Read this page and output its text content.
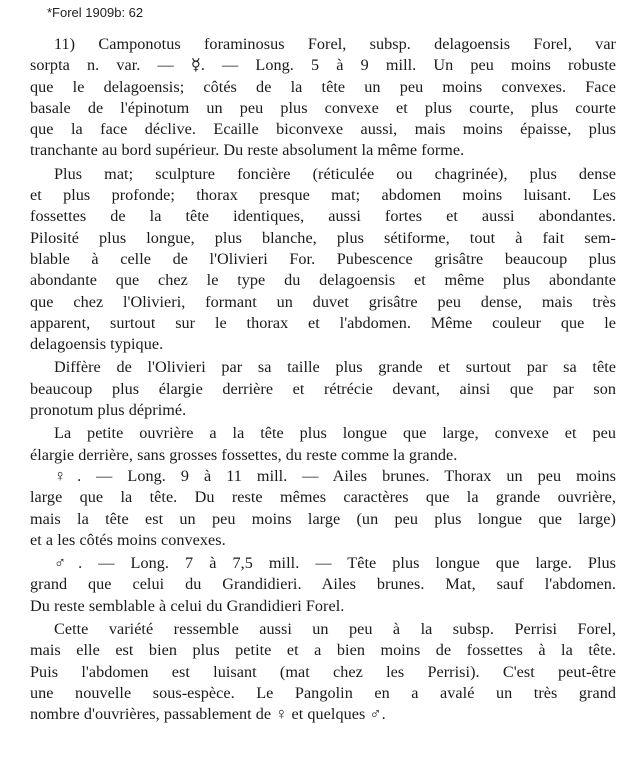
*Forel 1909b: 62
11) Camponotus foraminosus Forel, subsp. delagoensis Forel, var
sorpta n. var. — ☿. — Long. 5 à 9 mill. Un peu moins robuste
que le delagoensis; côtés de la tête un peu moins convexes. Face
basale de l'épinotum un peu plus convexe et plus courte, plus courte
que la face déclive. Ecaille biconvexe aussi, mais moins épaisse, plus
tranchante au bord supérieur. Du reste absolument la même forme.
Plus mat; sculpture foncière (réticulée ou chagrinée), plus dense
et plus profonde; thorax presque mat; abdomen moins luisant. Les
fossettes de la tête identiques, aussi fortes et aussi abondantes.
Pilosité plus longue, plus blanche, plus sétiforme, tout à fait sem-
blable à celle de l'Olivieri For. Pubescence grisâtre beaucoup plus
abondante que chez le type du delagoensis et même plus abondante
que chez l'Olivieri, formant un duvet grisâtre peu dense, mais très
apparent, surtout sur le thorax et l'abdomen. Même couleur que le
delagoensis typique.
Diffère de l'Olivieri par sa taille plus grande et surtout par sa tête
beaucoup plus élargie derrière et rétrécie devant, ainsi que par son
pronotum plus déprimé.
La petite ouvrière a la tête plus longue que large, convexe et peu
élargie derrière, sans grosses fossettes, du reste comme la grande.
♀. — Long. 9 à 11 mill. — Ailes brunes. Thorax un peu moins
large que la tête. Du reste mêmes caractères que la grande ouvrière,
mais la tête est un peu moins large (un peu plus longue que large)
et a les côtés moins convexes.
♂. — Long. 7 à 7,5 mill. — Tête plus longue que large. Plus
grand que celui du Grandidieri. Ailes brunes. Mat, sauf l'abdomen.
Du reste semblable à celui du Grandidieri Forel.
Cette variété ressemble aussi un peu à la subsp. Perrisi Forel,
mais elle est bien plus petite et a bien moins de fossettes à la tête.
Puis l'abdomen est luisant (mat chez les Perrisi). C'est peut-être
une nouvelle sous-espèce. Le Pangolin en a avalé un très grand
nombre d'ouvrières, passablement de ♀ et quelques ♂.
